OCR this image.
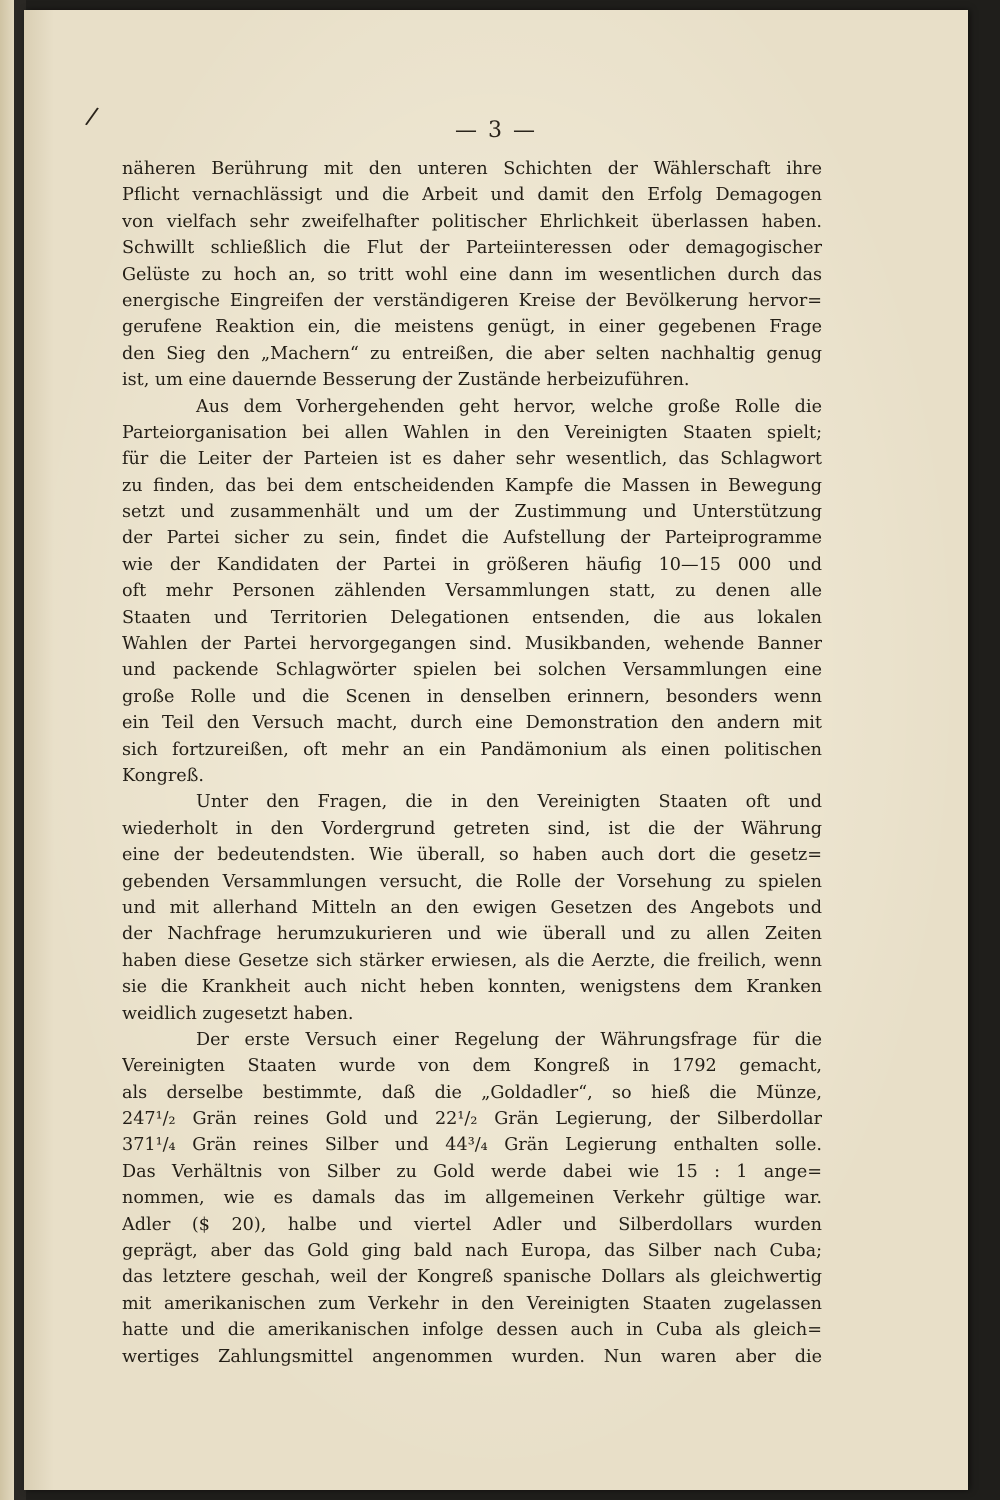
/	— 3 —

näheren Berührung mit den unteren Schichten der Wählerschaft ihre
Pflicht vernachlässigt und die Arbeit und damit den Erfolg Demagogen
von vielfach sehr zweifelhafter politischer Ehrlichkeit überlassen haben.
Schwillt schließlich die Flut der Parteiinteressen oder demagogischer
Gelüste zu hoch an, so tritt wohl eine dann im wesentlichen durch das
energische Eingreifen der verständigeren Kreise der Bevölkerung hervor=
gerufene Reaktion ein, die meistens genügt, in einer gegebenen Frage
den Sieg den „Machern“ zu entreißen, die aber selten nachhaltig genug
ist, um eine dauernde Besserung der Zustände herbeizuführen.

Aus dem Vorhergehenden geht hervor, welche große Rolle die
Parteiorganisation bei allen Wahlen in den Vereinigten Staaten spielt;
für die Leiter der Parteien ist es daher sehr wesentlich, das Schlagwort
zu finden, das bei dem entscheidenden Kampfe die Massen in Bewegung
setzt und zusammenhält und um der Zustimmung und Unterstützung
der Partei sicher zu sein, findet die Aufstellung der Parteiprogramme
wie der Kandidaten der Partei in größeren häufig 10—15 000 und
oft mehr Personen zählenden Versammlungen statt, zu denen alle
Staaten und Territorien Delegationen entsenden, die aus lokalen
Wahlen der Partei hervorgegangen sind. Musikbanden, wehende Banner
und packende Schlagwörter spielen bei solchen Versammlungen eine
große Rolle und die Scenen in denselben erinnern, besonders wenn
ein Teil den Versuch macht, durch eine Demonstration den andern mit
sich fortzureißen, oft mehr an ein Pandämonium als einen politischen
Kongreß.

Unter den Fragen, die in den Vereinigten Staaten oft und
wiederholt in den Vordergrund getreten sind, ist die der Währung
eine der bedeutendsten. Wie überall, so haben auch dort die gesetz=
gebenden Versammlungen versucht, die Rolle der Vorsehung zu spielen
und mit allerhand Mitteln an den ewigen Gesetzen des Angebots und
der Nachfrage herumzukurieren und wie überall und zu allen Zeiten
haben diese Gesetze sich stärker erwiesen, als die Aerzte, die freilich, wenn
sie die Krankheit auch nicht heben konnten, wenigstens dem Kranken
weidlich zugesetzt haben.

Der erste Versuch einer Regelung der Währungsfrage für die
Vereinigten Staaten wurde von dem Kongreß in 1792 gemacht,
als derselbe bestimmte, daß die „Goldadler“, so hieß die Münze,
247¹/₂ Grän reines Gold und 22¹/₂ Grän Legierung, der Silberdollar
371¹/₄ Grän reines Silber und 44³/₄ Grän Legierung enthalten solle.
Das Verhältnis von Silber zu Gold werde dabei wie 15 : 1 ange=
nommen, wie es damals das im allgemeinen Verkehr gültige war.
Adler ($ 20), halbe und viertel Adler und Silberdollars wurden
geprägt, aber das Gold ging bald nach Europa, das Silber nach Cuba;
das letztere geschah, weil der Kongreß spanische Dollars als gleichwertig
mit amerikanischen zum Verkehr in den Vereinigten Staaten zugelassen
hatte und die amerikanischen infolge dessen auch in Cuba als gleich=
wertiges Zahlungsmittel angenommen wurden. Nun waren aber die
